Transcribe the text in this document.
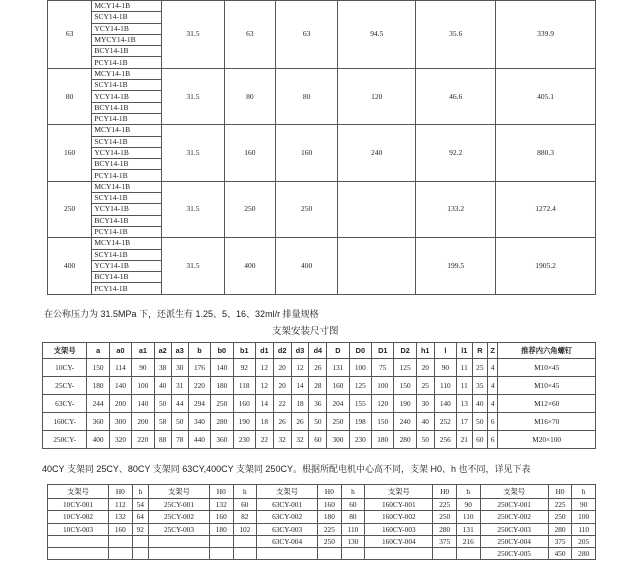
63	MCY14-1B	31.5	63	63	94.5	35.6	339.9
	SCY14-1B						
	YCY14-1B						
	MYCY14-1B						
	BCY14-1B						
	PCY14-1B						
80	MCY14-1B	31.5	80	80	120	46.6	405.1
	SCY14-1B						
	YCY14-1B						
	BCY14-1B						
	PCY14-1B						
160	MCY14-1B	31.5	160	160	240	92.2	880.3
	SCY14-1B						
	YCY14-1B						
	BCY14-1B						
	PCY14-1B						
250	MCY14-1B	31.5	250	250		133.2	1272.4
	SCY14-1B						
	YCY14-1B						
	BCY14-1B						
	PCY14-1B						
400	MCY14-1B	31.5	400	400		199.5	1905.2
	SCY14-1B						
	YCY14-1B						
	BCY14-1B						
	PCY14-1B						
在公称压力为 31.5MPa 下，还派生有 1.25、5、16、32ml/r 排量规格
支架安装尺寸图
支架号	a	a0	a1	a2	a3	b	b0	b1	d1	d2	d3	d4	D	D0	D1	D2	h1	l	l1	R	Z	推荐内六角螺钉
10CY-	150	114	90	38	30	176	140	92	12	20	12	26	131	100	75	125	20	90	11	25	4	M10×45
25CY-	180	140	100	40	31	220	180	118	12	20	14	28	160	125	100	150	25	110	11	35	4	M10×45
63CY-	244	200	140	50	44	294	250	160	14	22	18	36	204	155	120	190	30	140	13	40	4	M12×60
160CY-	360	300	200	58	50	340	280	190	18	26	26	50	250	198	150	240	40	252	17	50	6	M16×70
250CY-	400	320	220	88	78	440	360	230	22	32	32	60	300	230	180	280	50	256	21	60	6	M20×100
40CY 支架同 25CY、80CY 支架同 63CY,400CY 支架同 250CY。根据所配电机中心高不同，支架 H0、h 也不同，详见下表
支架号	H0	h	支架号	H0	h	支架号	H0	h	支架号	H0	h	支架号	H0	h
10CY-001	112	54	25CY-001	132	60	63CY-001	160	60	160CY-001	225	90	250CY-001	225	90
10CY-002	132	64	25CY-002	160	82	63CY-002	180	80	160CY-002	250	110	250CY-002	250	100
10CY-003	160	92	25CY-003	180	102	63CY-003	225	110	160CY-003	280	131	250CY-003	280	110
						63CY-004	250	130	160CY-004	375	216	250CY-004	375	205
												250CY-005	450	280
